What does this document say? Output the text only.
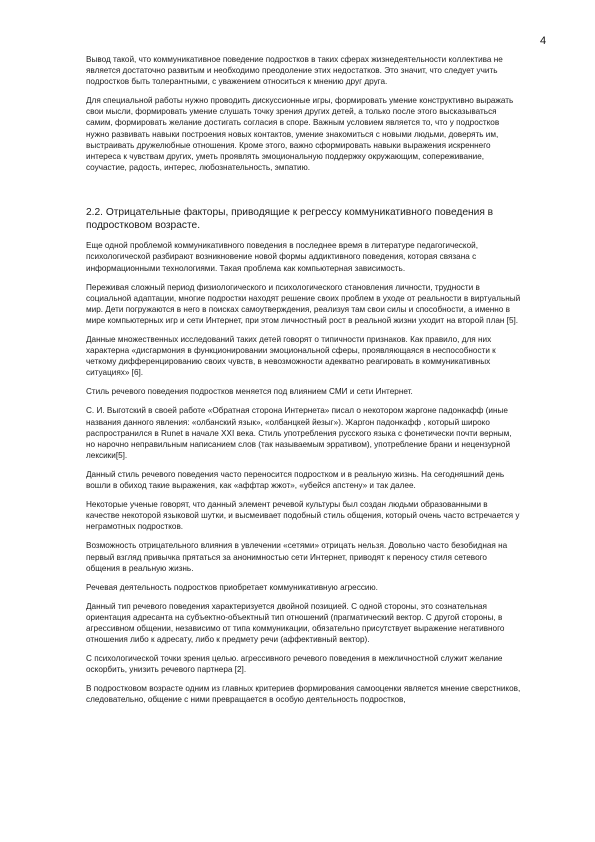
4

Вывод такой, что коммуникативное поведение подростков в таких сферах жизнедеятельности коллектива не является достаточно развитым и необходимо преодоление этих недостатков. Это значит, что следует учить подростков быть толерантными, с уважением относиться к мнению друг друга.

Для специальной работы нужно проводить дискуссионные игры, формировать умение конструктивно выражать свои мысли, формировать умение слушать точку зрения других детей, а только после этого высказываться самим, формировать желание достигать согласия в споре. Важным условием является то, что у подростков нужно развивать навыки построения новых контактов, умение знакомиться с новыми людьми, доверять им, выстраивать дружелюбные отношения. Кроме этого, важно сформировать навыки выражения искреннего интереса к чувствам других, уметь проявлять эмоциональную поддержку окружающим, сопереживание, соучастие, радость, интерес, любознательность, эмпатию.

2.2. Отрицательные факторы, приводящие к регрессу коммуникативного поведения в подростковом возрасте.

Еще одной проблемой коммуникативного поведения в последнее время в литературе педагогической, психологической разбирают возникновение новой формы аддиктивного поведения, которая связана с информационными технологиями. Такая проблема как компьютерная зависимость.

Переживая сложный период физиологического и психологического становления личности, трудности в социальной адаптации, многие подростки находят решение своих проблем в уходе от реальности в виртуальный мир. Дети погружаются в него в поисках самоутверждения, реализуя там свои силы и способности, а именно в мире компьютерных игр и сети Интернет, при этом личностный рост в реальной жизни уходит на второй план [5].

Данные множественных исследований таких детей говорят о типичности признаков. Как правило, для них характерна «дисгармония в функционировании эмоциональной сферы, проявляющаяся в неспособности к четкому дифференцированию своих чувств, в невозможности адекватно реагировать в коммуникативных ситуациях» [6].

Стиль речевого поведения подростков меняется под влиянием СМИ и сети Интернет.

С. И. Выготский в своей работе «Обратная сторона Интернета» писал о некотором жаргоне падонкафф (иные названия данного явления: «олбанский язык», «олбанцкей йезыг»). Жаргон падонкафф , который широко распространился в Runet в начале XXI века. Стиль употребления русского языка с фонетически почти верным, но нарочно неправильным написанием слов (так называемым эрративом), употребление брани и нецензурной лексики[5].

Данный стиль речевого поведения часто переносится подростком и в реальную жизнь. На сегодняшний день вошли в обиход такие выражения, как «аффтар жжот», «убейся апстену» и так далее.

Некоторые ученые говорят, что данный элемент речевой культуры был создан людьми образованными в качестве некоторой языковой шутки, и высмеивает подобный стиль общения, который очень часто встречается у неграмотных подростков.

Возможность отрицательного влияния в увлечении «сетями» отрицать нельзя. Довольно часто безобидная на первый взгляд привычка прятаться за анонимностью сети Интернет, приводят к переносу стиля сетевого общения в реальную жизнь.

Речевая деятельность подростков приобретает коммуникативную агрессию.

Данный тип речевого поведения характеризуется двойной позицией. С одной стороны, это сознательная ориентация адресанта на субъектно-объектный тип отношений (прагматический вектор. С другой стороны, в агрессивном общении, независимо от типа коммуникации, обязательно присутствует выражение негативного отношения либо к адресату, либо к предмету речи (аффективный вектор).

С психологической точки зрения целью. агрессивного речевого поведения в межличностной служит желание оскорбить, унизить речевого партнера [2].

В подростковом возрасте одним из главных критериев формирования самооценки является мнение сверстников, следовательно, общение с ними превращается в особую деятельность подростков,
